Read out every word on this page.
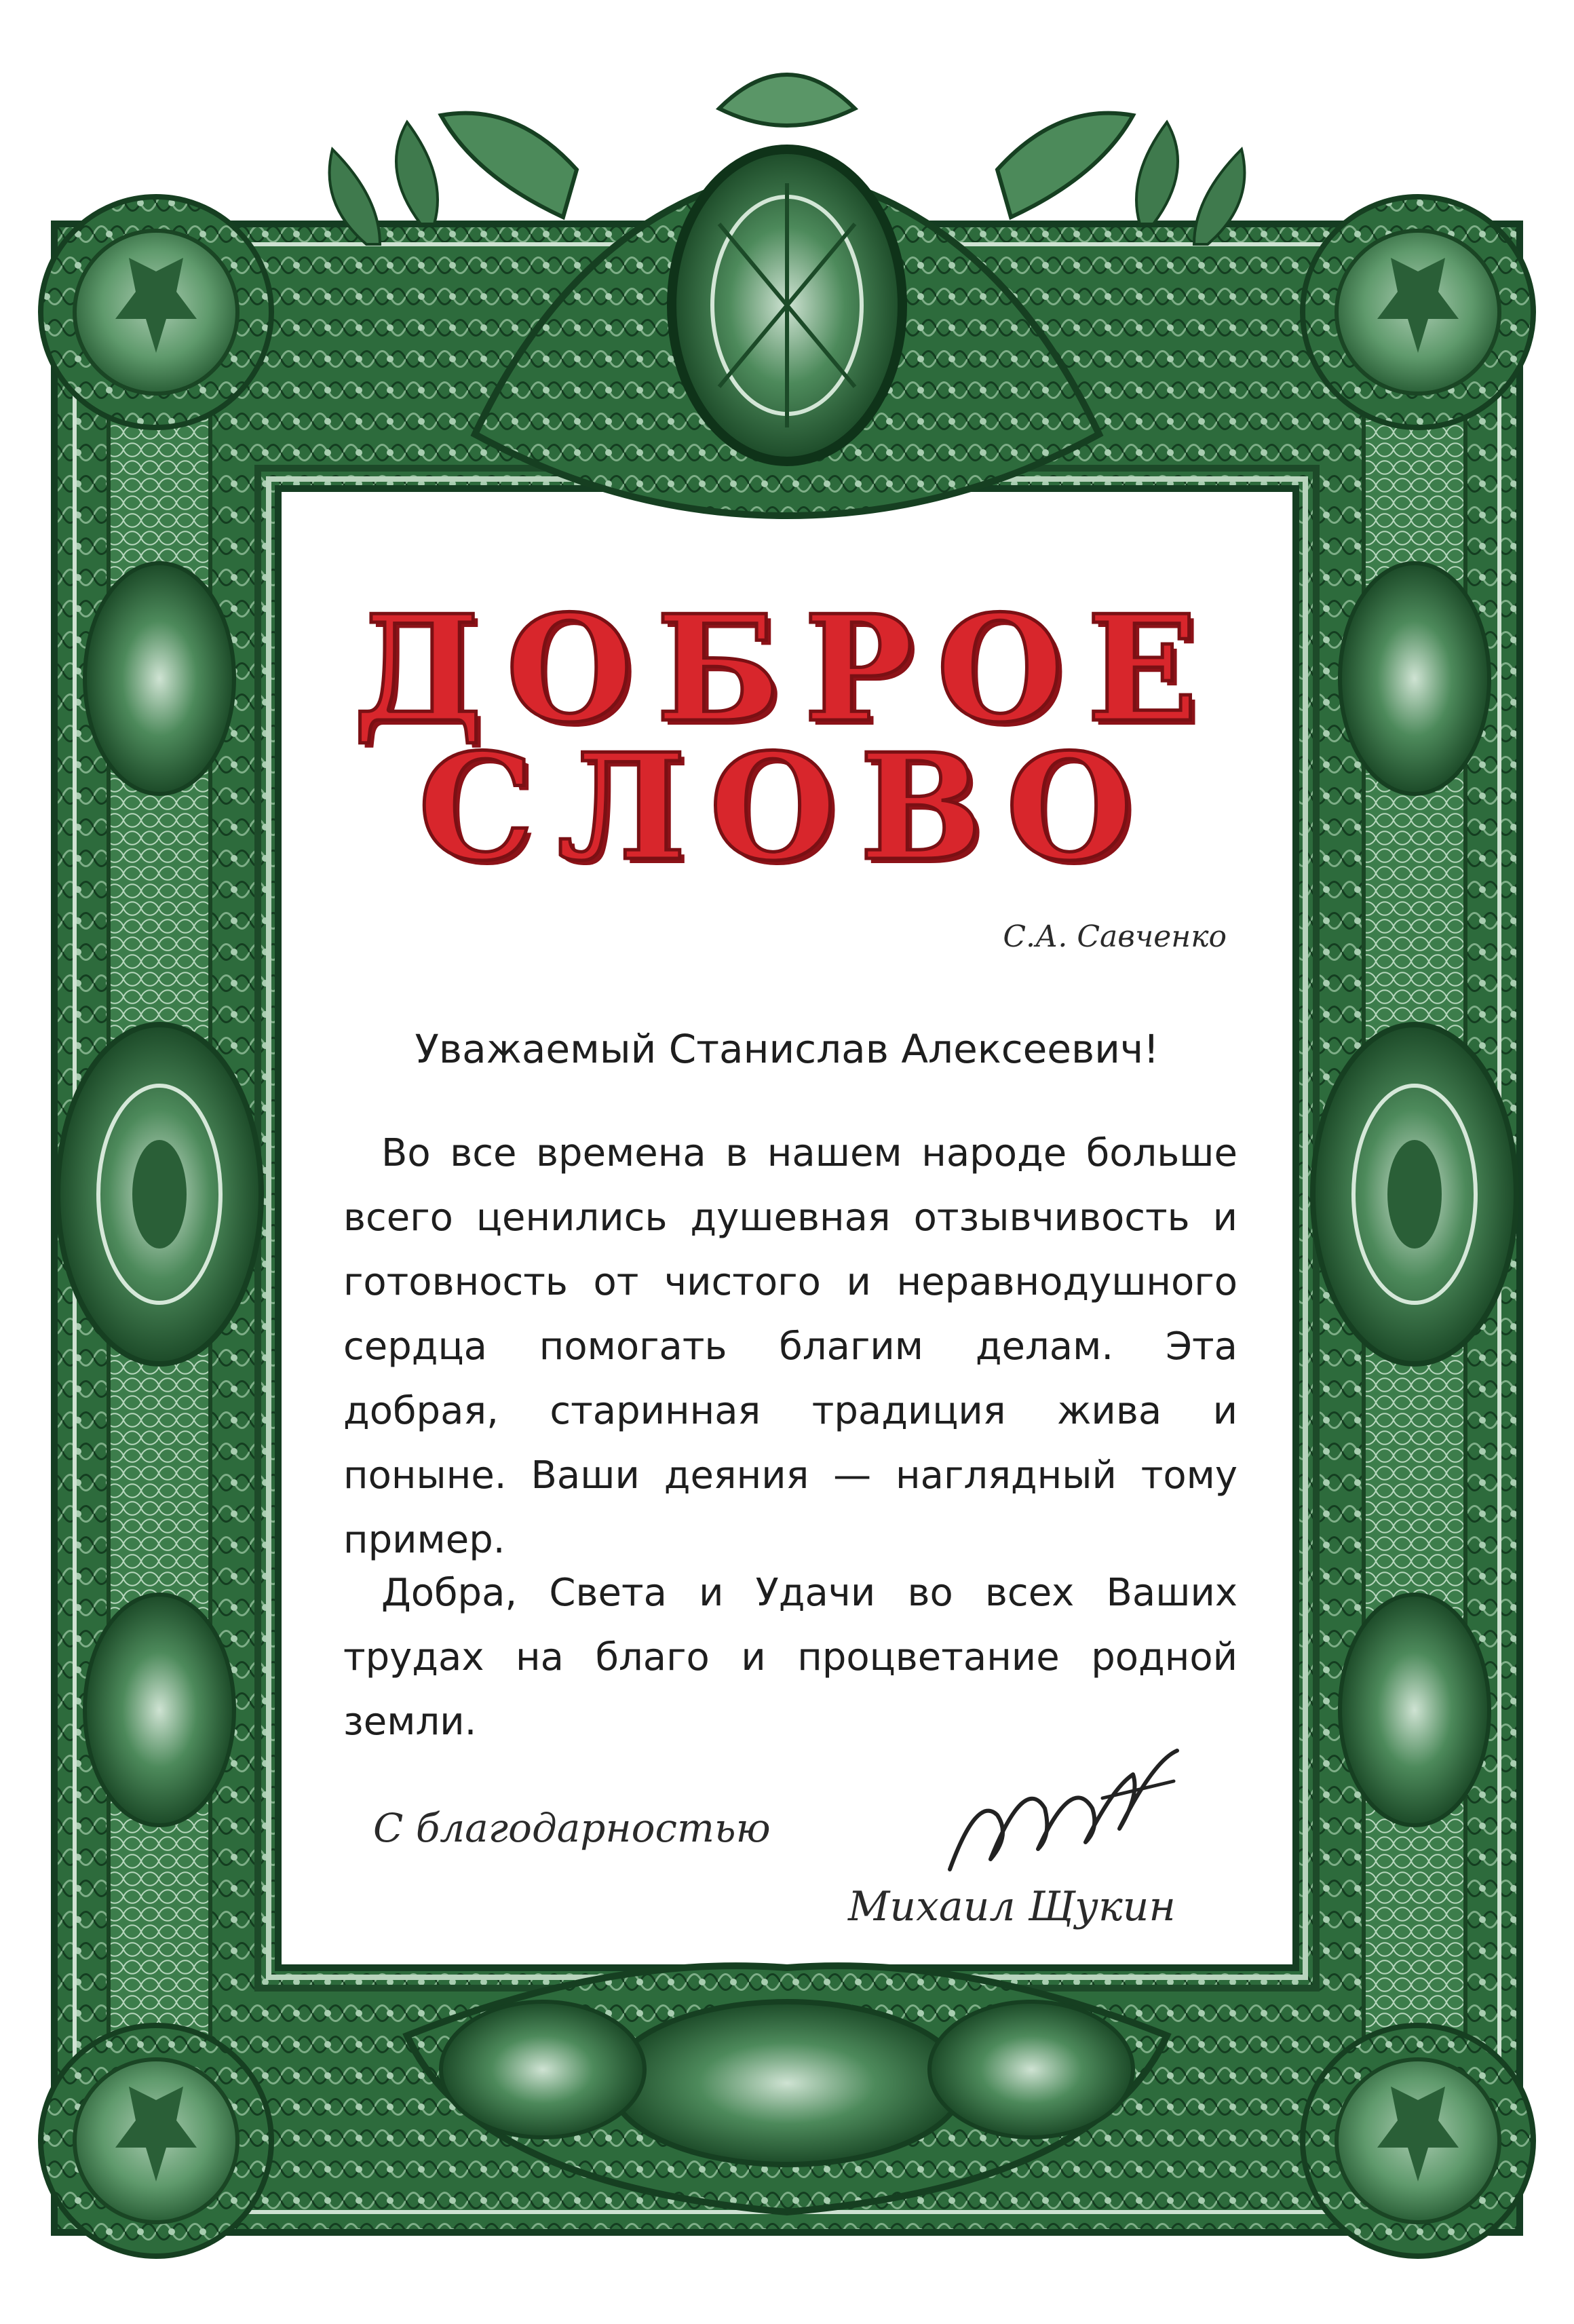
ДОБРОЕ
СЛОВО
С.А. Савченко
Уважаемый Станислав Алексеевич!

Во все времена в нашем народе больше всего ценились душевная отзывчивость и готовность от чистого и неравнодушного сердца помогать благим делам. Эта добрая, старинная традиция жива и поныне. Ваши деяния — наглядный тому пример.

Добра, Света и Удачи во всех Ваших трудах на благо и процветание родной земли.

С благодарностью
Михаил Щукин
